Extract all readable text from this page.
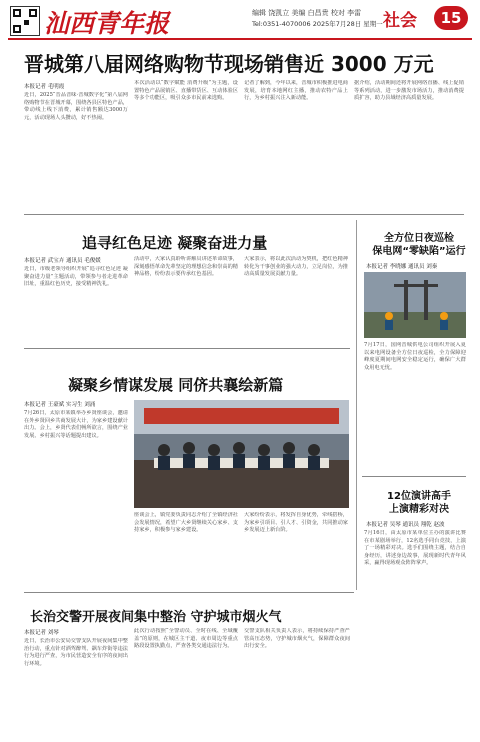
汕西青年报	编辑 饶凯立 美编 白昌贵 校对 李雷
Tel:0351-4070006 2025年7月28日 星期一 社会	15
晋城第八届网络购物节现场销售近 3000 万元
本报记者 毛明霞
近日，2025“晋品晋味·晋城数字化”第八届网络购物节在晋城开幕，围绕各县区特色产品，带动线上线下消费，累计销售额达3000万元，活动现场人头攒动，好不热闹。
本次活动以“数字赋能 消费升级”为主题，设置特色产品展销区、直播带货区、互动体验区等多个功能区，吸引众多市民前来选购。
记者了解到，今年以来，晋城市积极推进电商发展，培育本地网红主播，推动农特产品上行，为乡村振兴注入新动能。
据介绍，活动期间还将开展网络直播、线上促销等系列活动，进一步激发市场活力，推动消费提质扩容，助力县域经济高质量发展。
追寻红色足迹 凝聚奋进力量
本报记者 武宝卉 通讯员 毛俊媛
近日，市级老领导组织开展“追寻红色足迹 凝聚奋进力量”主题活动，带领参与者走进革命旧址，重温红色历史，接受精神洗礼。
活动中，大家认真聆听讲解员讲述革命故事，深刻感悟革命先辈坚定的理想信念和崇高的精神品格，纷纷表示要传承红色基因。
大家表示，将以此次活动为契机，把红色精神转化为干事创业的强大动力，立足岗位，为推动高质量发展贡献力量。
凝聚乡情谋发展 同侪共襄绘新篇
本报记者 王豪斌 实习生 刘涌
7月26日，太原市某镇举办乡贤座谈会，邀请在外乡贤回乡共商发展大计，为家乡建设献计出力。会上，乡贤代表们畅所欲言，围绕产业发展、乡村振兴等话题提出建议。
座谈会上，镇党委负责同志介绍了全镇经济社会发展情况，希望广大乡贤继续关心家乡、支持家乡，积极参与家乡建设。
大家纷纷表示，将发挥自身优势，牵线搭桥，为家乡引项目、引人才、引资金，共同推动家乡发展迈上新台阶。
全方位日夜巡检
保电网“零缺陷”运行
本报记者 李晓娜 通讯员 刘秦
7月17日，国网晋城供电公司组织开展入夏以来电网设备全方位日夜巡检，全力保障迎峰度夏期间电网安全稳定运行，确保广大群众用电无忧。
12位演讲高手
上演精彩对决
本报记者 吴琴 通讯员 翔乾 赵波
7月16日，由太原市某单位主办的演讲比赛在市某剧场举行，12名选手同台竞技，上演了一场精彩对决。选手们围绕主题，结合自身经历，讲述身边故事，展现新时代青年风采，赢得现场观众阵阵掌声。
长治交警开展夜间集中整治 守护城市烟火气
本报记者 刘琴
近日，长治市公安局交警支队开展夜间集中整治行动，重点针对酒驾醉驾、飙车炸街等违法行为进行严查，为市民营造安全有序的夜间出行环境。
此次行动按照“全警动员、全时在线、全域覆盖”的原则，在城区主干道、夜市周边等重点路段设置执勤点，严查各类交通违法行为。
交警支队相关负责人表示，将持续保持严查严管高压态势，守护城市烟火气，保障群众夜间出行安全。
